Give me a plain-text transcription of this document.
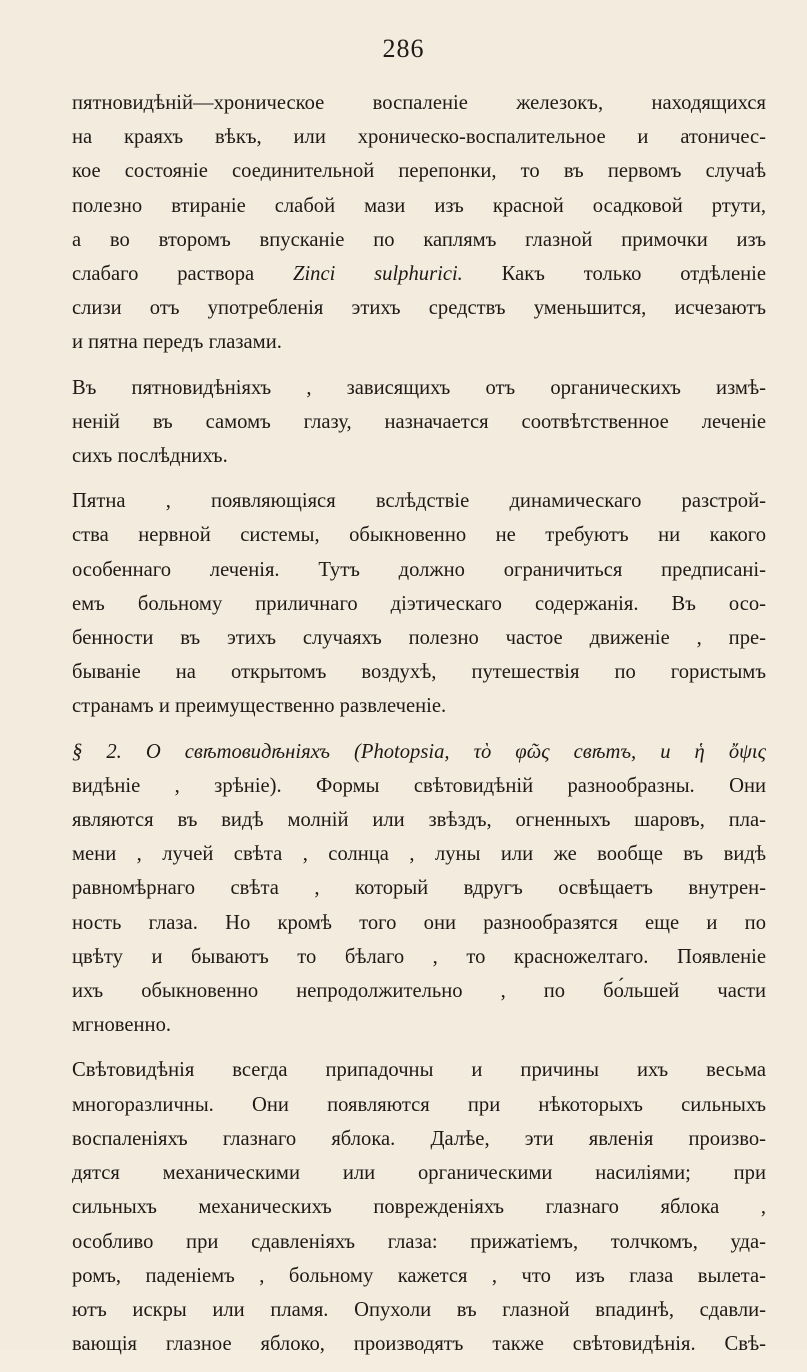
286

пятновидѣній—хроническое воспаленіе железокъ, находящихся

на краяхъ вѣкъ, или хроническо-воспалительное и атоничес-

кое состояніе соединительной перепонки, то въ первомъ случаѣ

полезно втираніе слабой мази изъ красной осадковой ртути,

а во второмъ впусканіе по каплямъ глазной примочки изъ

слабаго раствора Zinci sulphurici. Какъ только отдѣленіе

слизи отъ употребленія этихъ средствъ уменьшится, исчезаютъ

и пятна передъ глазами.

Въ пятновидѣніяхъ , зависящихъ отъ органическихъ измѣ-

неній въ самомъ глазу, назначается соотвѣтственное леченіе

сихъ послѣднихъ.

Пятна , появляющіяся вслѣдствіе динамическаго разстрой-

ства нервной системы, обыкновенно не требуютъ ни какого

особеннаго леченія. Тутъ должно ограничиться предписані-

емъ больному приличнаго діэтическаго содержанія. Въ осо-

бенности въ этихъ случаяхъ полезно частое движеніе , пре-

бываніе на открытомъ воздухѣ, путешествія по гористымъ

странамъ и преимущественно развлеченіе.

§ 2. О свѣтовидѣніяхъ (Photopsia, τὸ φῶς свѣтъ, и ἡ ὄψις

видѣніе , зрѣніе). Формы свѣтовидѣній разнообразны. Они

являются въ видѣ молній или звѣздъ, огненныхъ шаровъ, пла-

мени , лучей свѣта , солнца , луны или же вообще въ видѣ

равномѣрнаго свѣта , который вдругъ освѣщаетъ внутрен-

ность глаза. Но кромѣ того они разнообразятся еще и по

цвѣту и бываютъ то бѣлаго , то красножелтаго. Появленіе

ихъ обыкновенно непродолжительно , по бо́льшей части

мгновенно.

Свѣтовидѣнія всегда припадочны и причины ихъ весьма

многоразличны. Они появляются при нѣкоторыхъ сильныхъ

воспаленіяхъ глазнаго яблока. Далѣе, эти явленія произво-

дятся механическими или органическими насиліями; при

сильныхъ механическихъ поврежденіяхъ глазнаго яблока ,

особливо при сдавленіяхъ глаза: прижатіемъ, толчкомъ, уда-

ромъ, паденіемъ , больному кажется , что изъ глаза вылета-

ютъ искры или пламя. Опухоли въ глазной впадинѣ, сдавли-

вающія глазное яблоко, производятъ также свѣтовидѣнія. Свѣ-
